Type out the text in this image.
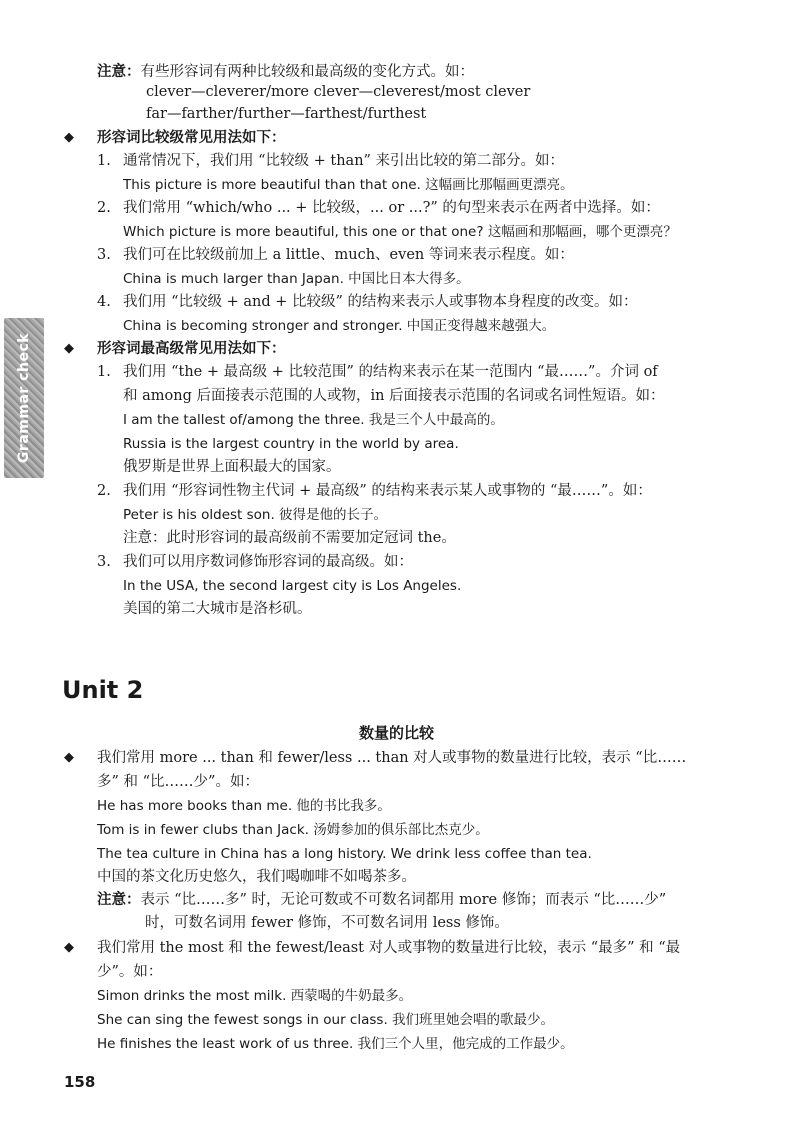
Grammar check
注意：有些形容词有两种比较级和最高级的变化方式。如：
clever—cleverer/more clever—cleverest/most clever
far—farther/further—farthest/furthest
◆ 形容词比较级常见用法如下：
1. 通常情况下，我们用 “比较级 + than” 来引出比较的第二部分。如：
This picture is more beautiful than that one. 这幅画比那幅画更漂亮。
2. 我们常用 “which/who ... + 比较级，... or ...?” 的句型来表示在两者中选择。如：
Which picture is more beautiful, this one or that one? 这幅画和那幅画，哪个更漂亮？
3. 我们可在比较级前加上 a little、much、even 等词来表示程度。如：
China is much larger than Japan. 中国比日本大得多。
4. 我们用 “比较级 + and + 比较级” 的结构来表示人或事物本身程度的改变。如：
China is becoming stronger and stronger. 中国正变得越来越强大。
◆ 形容词最高级常见用法如下：
1. 我们用 “the + 最高级 + 比较范围” 的结构来表示在某一范围内 “最……”。介词 of
和 among 后面接表示范围的人或物，in 后面接表示范围的名词或名词性短语。如：
I am the tallest of/among the three. 我是三个人中最高的。
Russia is the largest country in the world by area.
俄罗斯是世界上面积最大的国家。
2. 我们用 “形容词性物主代词 + 最高级” 的结构来表示某人或事物的 “最……”。如：
Peter is his oldest son. 彼得是他的长子。
注意：此时形容词的最高级前不需要加定冠词 the。
3. 我们可以用序数词修饰形容词的最高级。如：
In the USA, the second largest city is Los Angeles.
美国的第二大城市是洛杉矶。
Unit 2
数量的比较
◆ 我们常用 more ... than 和 fewer/less ... than 对人或事物的数量进行比较，表示 “比……
多” 和 “比……少”。如：
He has more books than me. 他的书比我多。
Tom is in fewer clubs than Jack. 汤姆参加的俱乐部比杰克少。
The tea culture in China has a long history. We drink less coffee than tea.
中国的茶文化历史悠久，我们喝咖啡不如喝茶多。
注意：表示 “比……多” 时，无论可数或不可数名词都用 more 修饰；而表示 “比……少”
时，可数名词用 fewer 修饰，不可数名词用 less 修饰。
◆ 我们常用 the most 和 the fewest/least 对人或事物的数量进行比较，表示 “最多” 和 “最
少”。如：
Simon drinks the most milk. 西蒙喝的牛奶最多。
She can sing the fewest songs in our class. 我们班里她会唱的歌最少。
He finishes the least work of us three. 我们三个人里，他完成的工作最少。
158
